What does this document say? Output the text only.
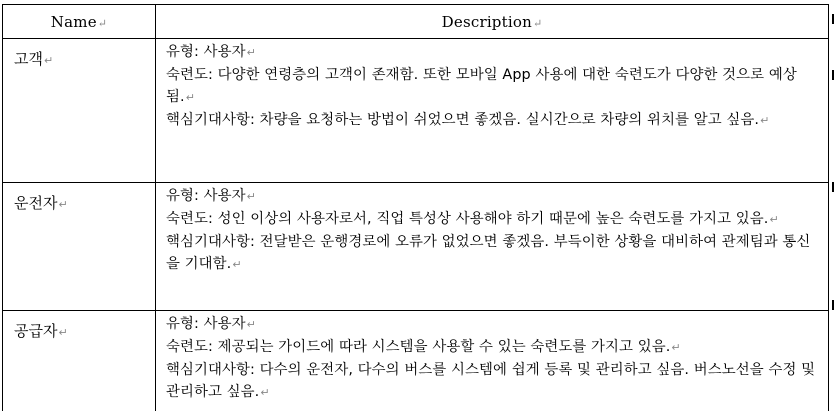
Name↵	Description↵
고객↵	유형: 사용자↵

숙련도: 다양한 연령층의 고객이 존재함. 또한 모바일 App 사용에 대한 숙련도가 다양한 것으로 예상됨.↵

핵심기대사항: 차량을 요청하는 방법이 쉬었으면 좋겠음. 실시간으로 차량의 위치를 알고 싶음.↵

운전자↵	유형: 사용자↵

숙련도: 성인 이상의 사용자로서, 직업 특성상 사용해야 하기 때문에 높은 숙련도를 가지고 있음.↵

핵심기대사항: 전달받은 운행경로에 오류가 없었으면 좋겠음. 부득이한 상황을 대비하여 관제팀과 통신을 기대함.↵

공급자↵	유형: 사용자↵

숙련도: 제공되는 가이드에 따라 시스템을 사용할 수 있는 숙련도를 가지고 있음.↵

핵심기대사항: 다수의 운전자, 다수의 버스를 시스템에 쉽게 등록 및 관리하고 싶음. 버스노선을 수정 및 관리하고 싶음.↵
